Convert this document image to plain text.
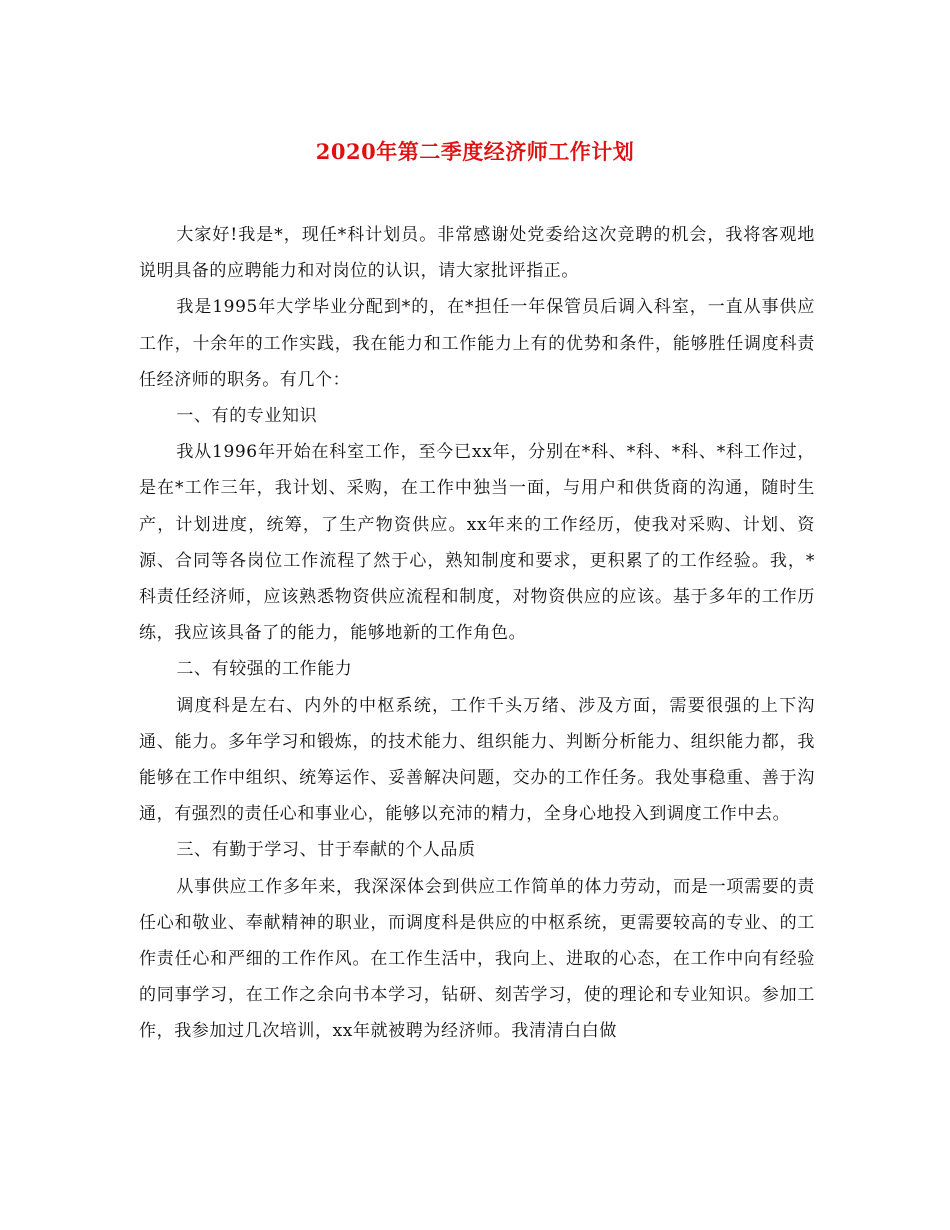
2020年第二季度经济师工作计划

大家好!我是*，现任*科计划员。非常感谢处党委给这次竞聘的机会，我将客观地说明具备的应聘能力和对岗位的认识，请大家批评指正。

我是1995年大学毕业分配到*的，在*担任一年保管员后调入科室，一直从事供应工作，十余年的工作实践，我在能力和工作能力上有的优势和条件，能够胜任调度科责任经济师的职务。有几个：

一、有的专业知识

我从1996年开始在科室工作，至今已xx年，分别在*科、*科、*科、*科工作过，是在*工作三年，我计划、采购，在工作中独当一面，与用户和供货商的沟通，随时生产，计划进度，统筹，了生产物资供应。xx年来的工作经历，使我对采购、计划、资源、合同等各岗位工作流程了然于心，熟知制度和要求，更积累了的工作经验。我，*科责任经济师，应该熟悉物资供应流程和制度，对物资供应的应该。基于多年的工作历练，我应该具备了的能力，能够地新的工作角色。

二、有较强的工作能力

调度科是左右、内外的中枢系统，工作千头万绪、涉及方面，需要很强的上下沟通、能力。多年学习和锻炼，的技术能力、组织能力、判断分析能力、组织能力都，我能够在工作中组织、统筹运作、妥善解决问题，交办的工作任务。我处事稳重、善于沟通，有强烈的责任心和事业心，能够以充沛的精力，全身心地投入到调度工作中去。

三、有勤于学习、甘于奉献的个人品质

从事供应工作多年来，我深深体会到供应工作简单的体力劳动，而是一项需要的责任心和敬业、奉献精神的职业，而调度科是供应的中枢系统，更需要较高的专业、的工作责任心和严细的工作作风。在工作生活中，我向上、进取的心态，在工作中向有经验的同事学习，在工作之余向书本学习，钻研、刻苦学习，使的理论和专业知识。参加工作，我参加过几次培训，xx年就被聘为经济师。我清清白白做
